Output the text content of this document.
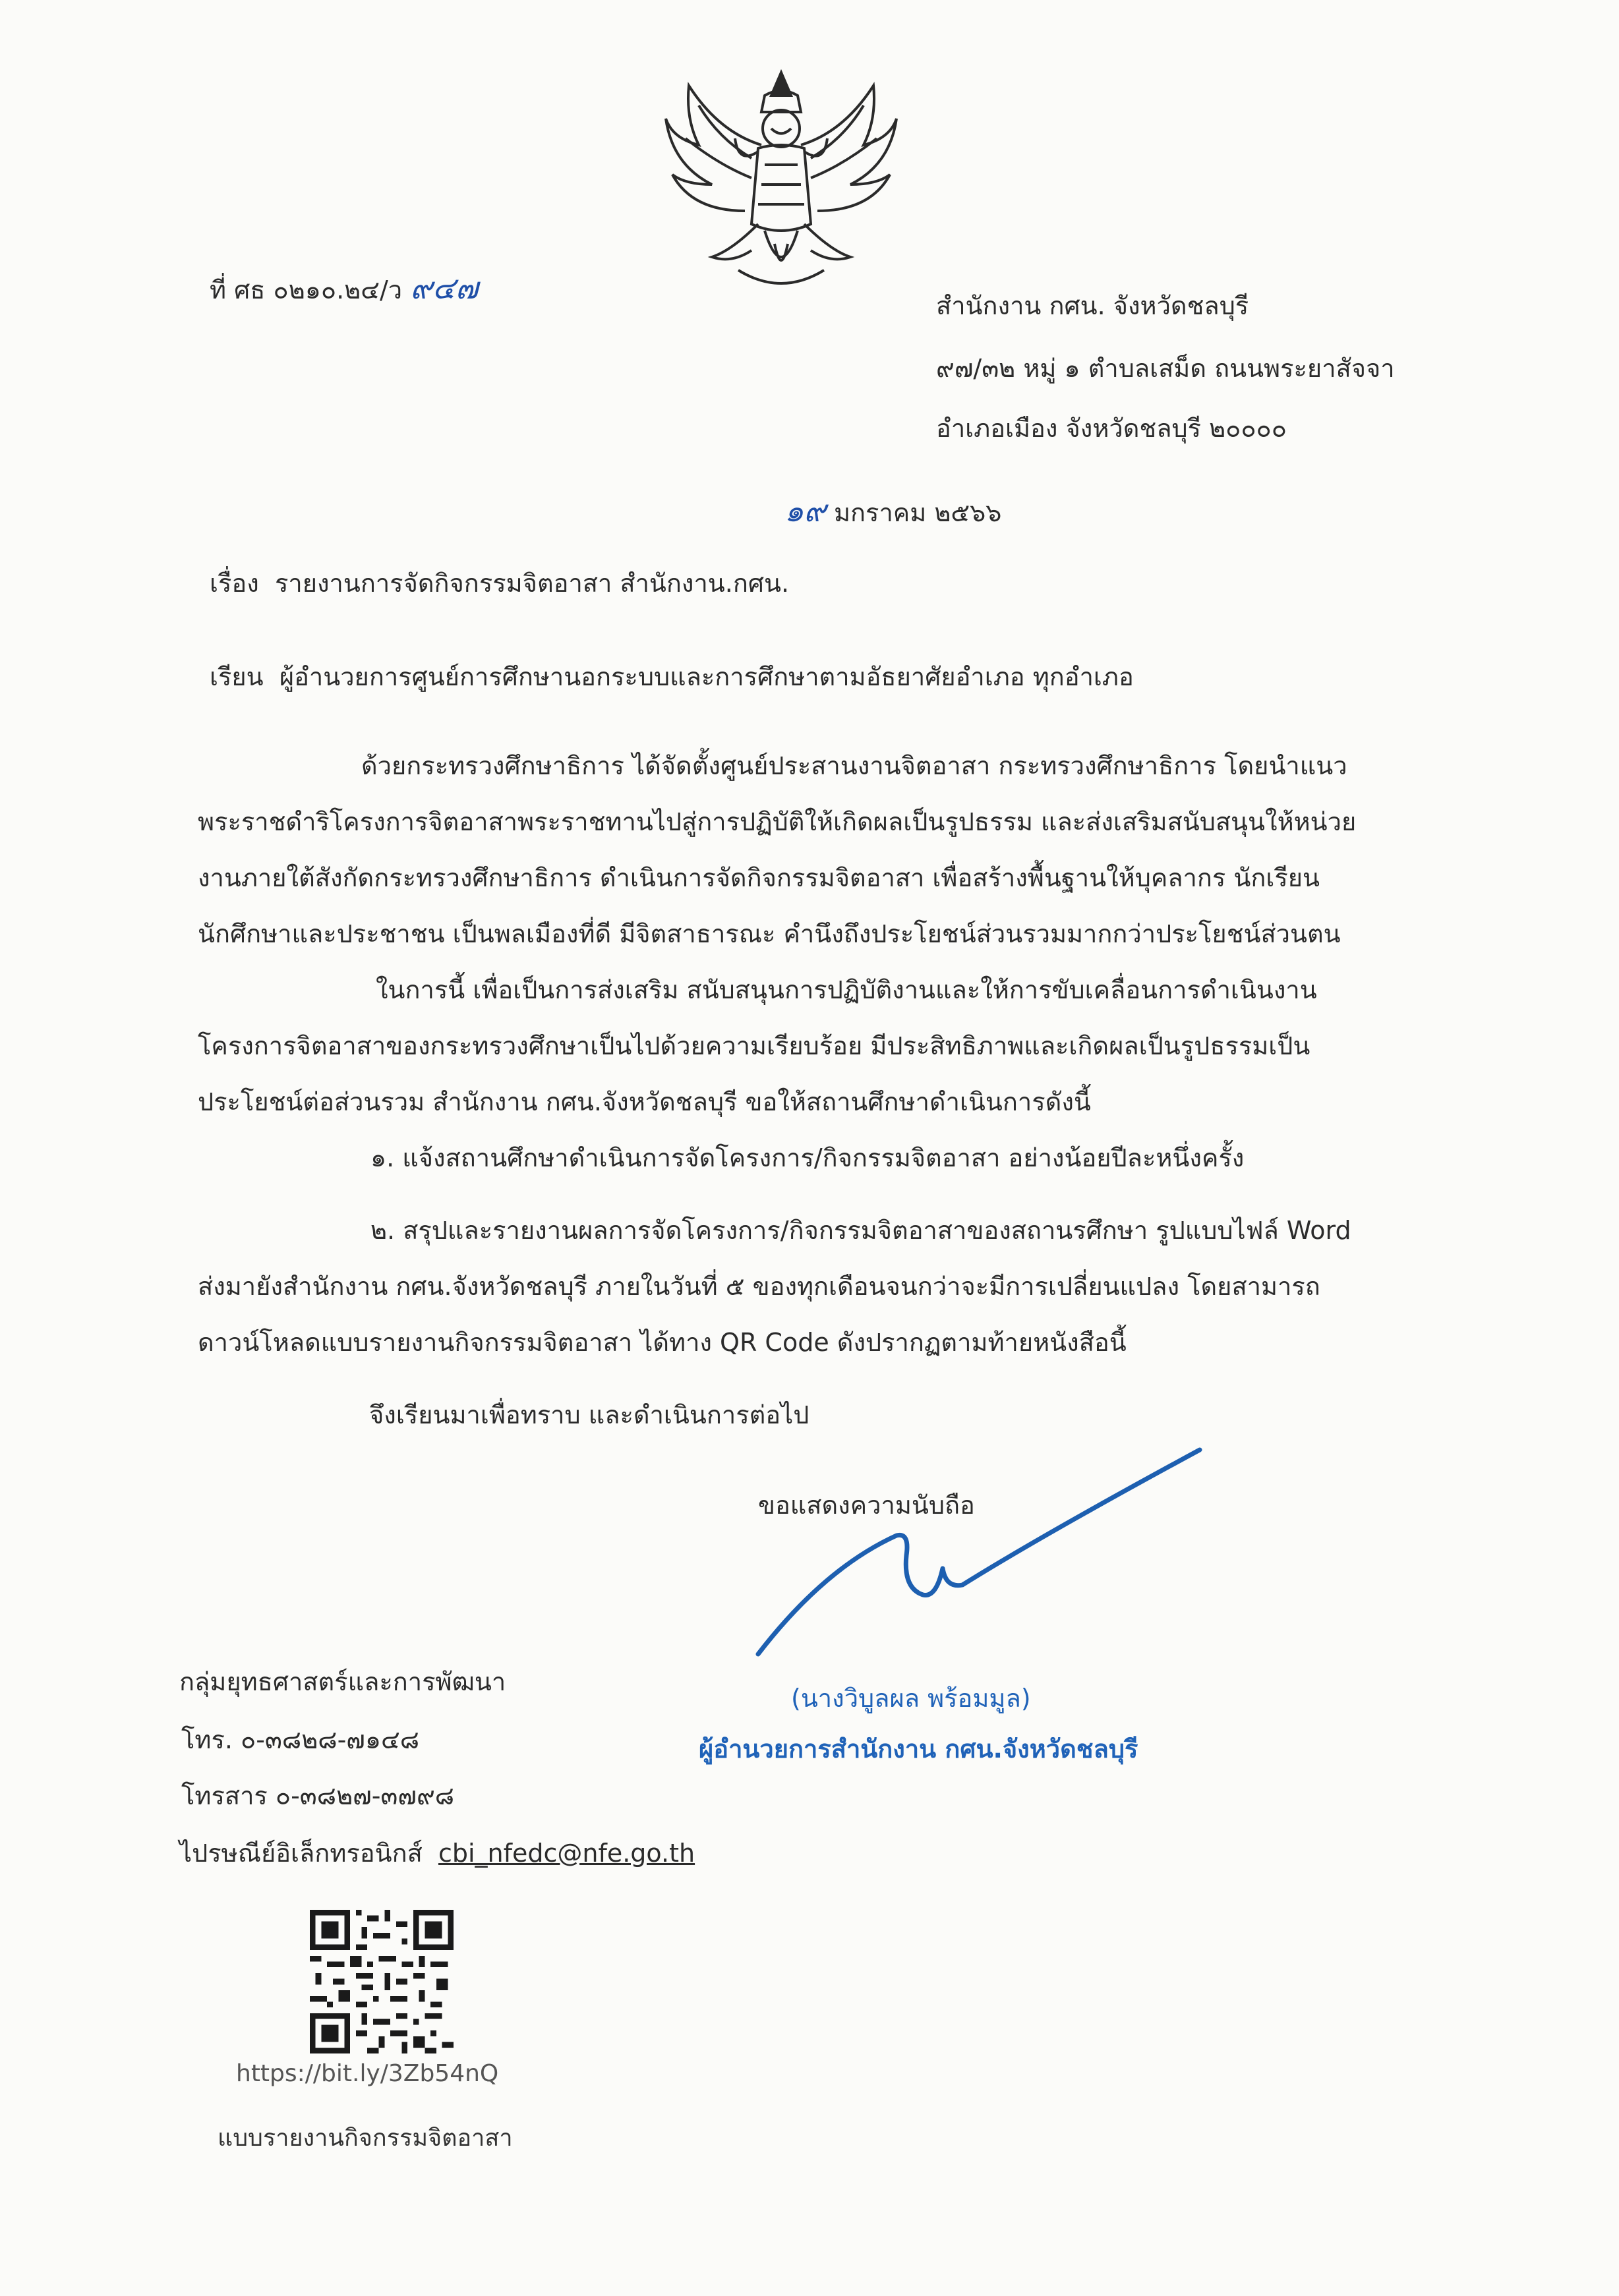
ที่ ศธ ๐๒๑๐.๒๔/ว ๙๔๗	สำนักงาน กศน. จังหวัดชลบุรี
๙๗/๓๒ หมู่ ๑ ตำบลเสม็ด ถนนพระยาสัจจา
อำเภอเมือง จังหวัดชลบุรี ๒๐๐๐๐
๑๙ มกราคม ๒๕๖๖
เรื่อง รายงานการจัดกิจกรรมจิตอาสา สำนักงาน.กศน.
เรียน ผู้อำนวยการศูนย์การศึกษานอกระบบและการศึกษาตามอัธยาศัยอำเภอ ทุกอำเภอ
ด้วยกระทรวงศึกษาธิการ ได้จัดตั้งศูนย์ประสานงานจิตอาสา กระทรวงศึกษาธิการ โดยนำแนว
พระราชดำริโครงการจิตอาสาพระราชทานไปสู่การปฏิบัติให้เกิดผลเป็นรูปธรรม และส่งเสริมสนับสนุนให้หน่วย
งานภายใต้สังกัดกระทรวงศึกษาธิการ ดำเนินการจัดกิจกรรมจิตอาสา เพื่อสร้างพื้นฐานให้บุคลากร นักเรียน
นักศึกษาและประชาชน เป็นพลเมืองที่ดี มีจิตสาธารณะ คำนึงถึงประโยชน์ส่วนรวมมากกว่าประโยชน์ส่วนตน
ในการนี้ เพื่อเป็นการส่งเสริม สนับสนุนการปฏิบัติงานและให้การขับเคลื่อนการดำเนินงาน
โครงการจิตอาสาของกระทรวงศึกษาเป็นไปด้วยความเรียบร้อย มีประสิทธิภาพและเกิดผลเป็นรูปธรรมเป็น
ประโยชน์ต่อส่วนรวม สำนักงาน กศน.จังหวัดชลบุรี ขอให้สถานศึกษาดำเนินการดังนี้
๑. แจ้งสถานศึกษาดำเนินการจัดโครงการ/กิจกรรมจิตอาสา อย่างน้อยปีละหนึ่งครั้ง
๒. สรุปและรายงานผลการจัดโครงการ/กิจกรรมจิตอาสาของสถานรศึกษา รูปแบบไฟล์ Word
ส่งมายังสำนักงาน กศน.จังหวัดชลบุรี ภายในวันที่ ๕ ของทุกเดือนจนกว่าจะมีการเปลี่ยนแปลง โดยสามารถ
ดาวน์โหลดแบบรายงานกิจกรรมจิตอาสา ได้ทาง QR Code ดังปรากฏตามท้ายหนังสือนี้
จึงเรียนมาเพื่อทราบ และดำเนินการต่อไป
ขอแสดงความนับถือ
(นางวิบูลผล พร้อมมูล)
ผู้อำนวยการสำนักงาน กศน.จังหวัดชลบุรี
กลุ่มยุทธศาสตร์และการพัฒนา
โทร. ๐-๓๘๒๘-๗๑๔๘
โทรสาร ๐-๓๘๒๗-๓๗๙๘
ไปรษณีย์อิเล็กทรอนิกส์ cbi_nfedc@nfe.go.th
https://bit.ly/3Zb54nQ
แบบรายงานกิจกรรมจิตอาสา
